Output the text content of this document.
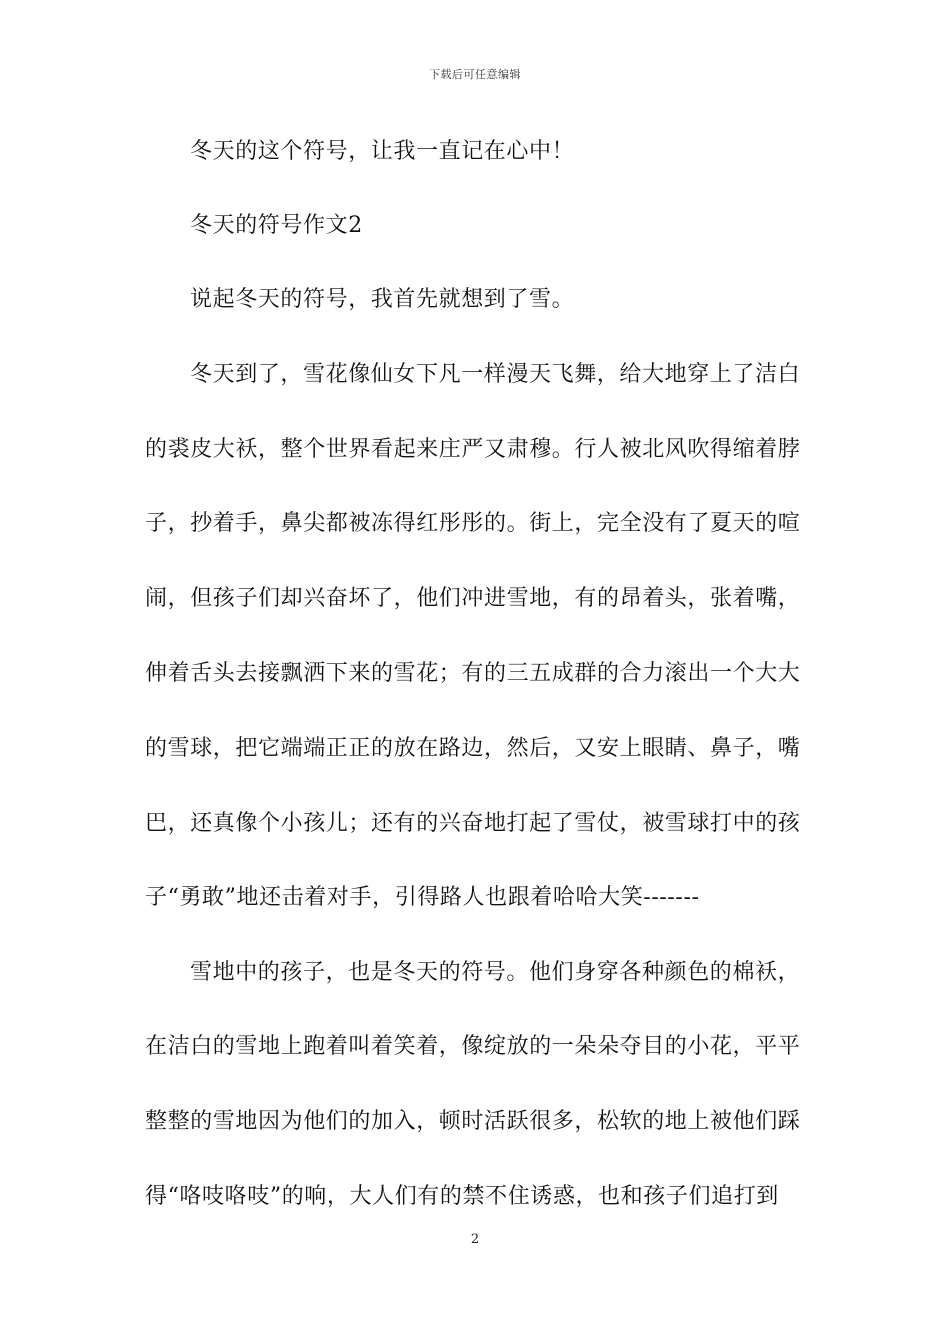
下载后可任意编辑
冬天的这个符号，让我一直记在心中！
冬天的符号作文2
说起冬天的符号，我首先就想到了雪。
冬天到了，雪花像仙女下凡一样漫天飞舞，给大地穿上了洁白
的裘皮大袄，整个世界看起来庄严又肃穆。行人被北风吹得缩着脖
子，抄着手，鼻尖都被冻得红彤彤的。街上，完全没有了夏天的喧
闹，但孩子们却兴奋坏了，他们冲进雪地，有的昂着头，张着嘴，
伸着舌头去接飘洒下来的雪花；有的三五成群的合力滚出一个大大
的雪球，把它端端正正的放在路边，然后，又安上眼睛、鼻子，嘴
巴，还真像个小孩儿；还有的兴奋地打起了雪仗，被雪球打中的孩
子“勇敢”地还击着对手，引得路人也跟着哈哈大笑-------
雪地中的孩子，也是冬天的符号。他们身穿各种颜色的棉袄，
在洁白的雪地上跑着叫着笑着，像绽放的一朵朵夺目的小花，平平
整整的雪地因为他们的加入，顿时活跃很多，松软的地上被他们踩
得“咯吱咯吱”的响，大人们有的禁不住诱惑，也和孩子们追打到
2
